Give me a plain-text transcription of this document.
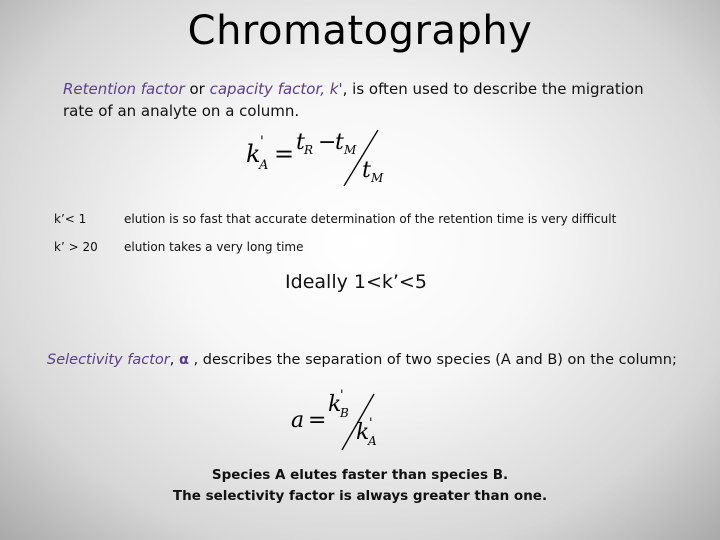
Chromatography
Retention factor or capacity factor, k', is often used to describe the migration rate of an analyte on a column.
k '
A = t R −
t M
t M
k’< 1	elution is so fast that accurate determination of the retention time is very difficult
k’ > 20 elution takes a very long time
Ideally 1<k’<5
Selectivity factor, α , describes the separation of two species (A and B) on the column;
a =
k
'
B
k '
A
Species A elutes faster than species B.
The selectivity factor is always greater than one.
